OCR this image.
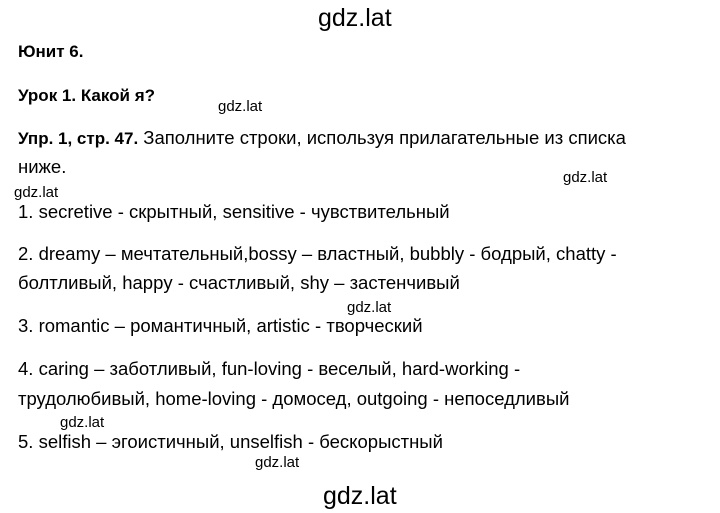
gdz.lat
gdz.lat
gdz.lat
gdz.lat
gdz.lat
gdz.lat
gdz.lat
gdz.lat
Юнит 6.
Урок 1. Какой я?
Упр. 1, стр. 47. Заполните строки, используя прилагательные из списка
ниже.
1. secretive - скрытный, sensitive - чувствительный
2. dreamy – мечтательный,bossy – властный, bubbly - бодрый, chatty -
болтливый, happy - счастливый, shy – застенчивый
3. romantic – романтичный, artistic - творческий
4. caring – заботливый, fun-loving - веселый, hard-working -
трудолюбивый, home-loving - домосед, outgoing - непоседливый
5. selfish – эгоистичный, unselfish - бескорыстный
